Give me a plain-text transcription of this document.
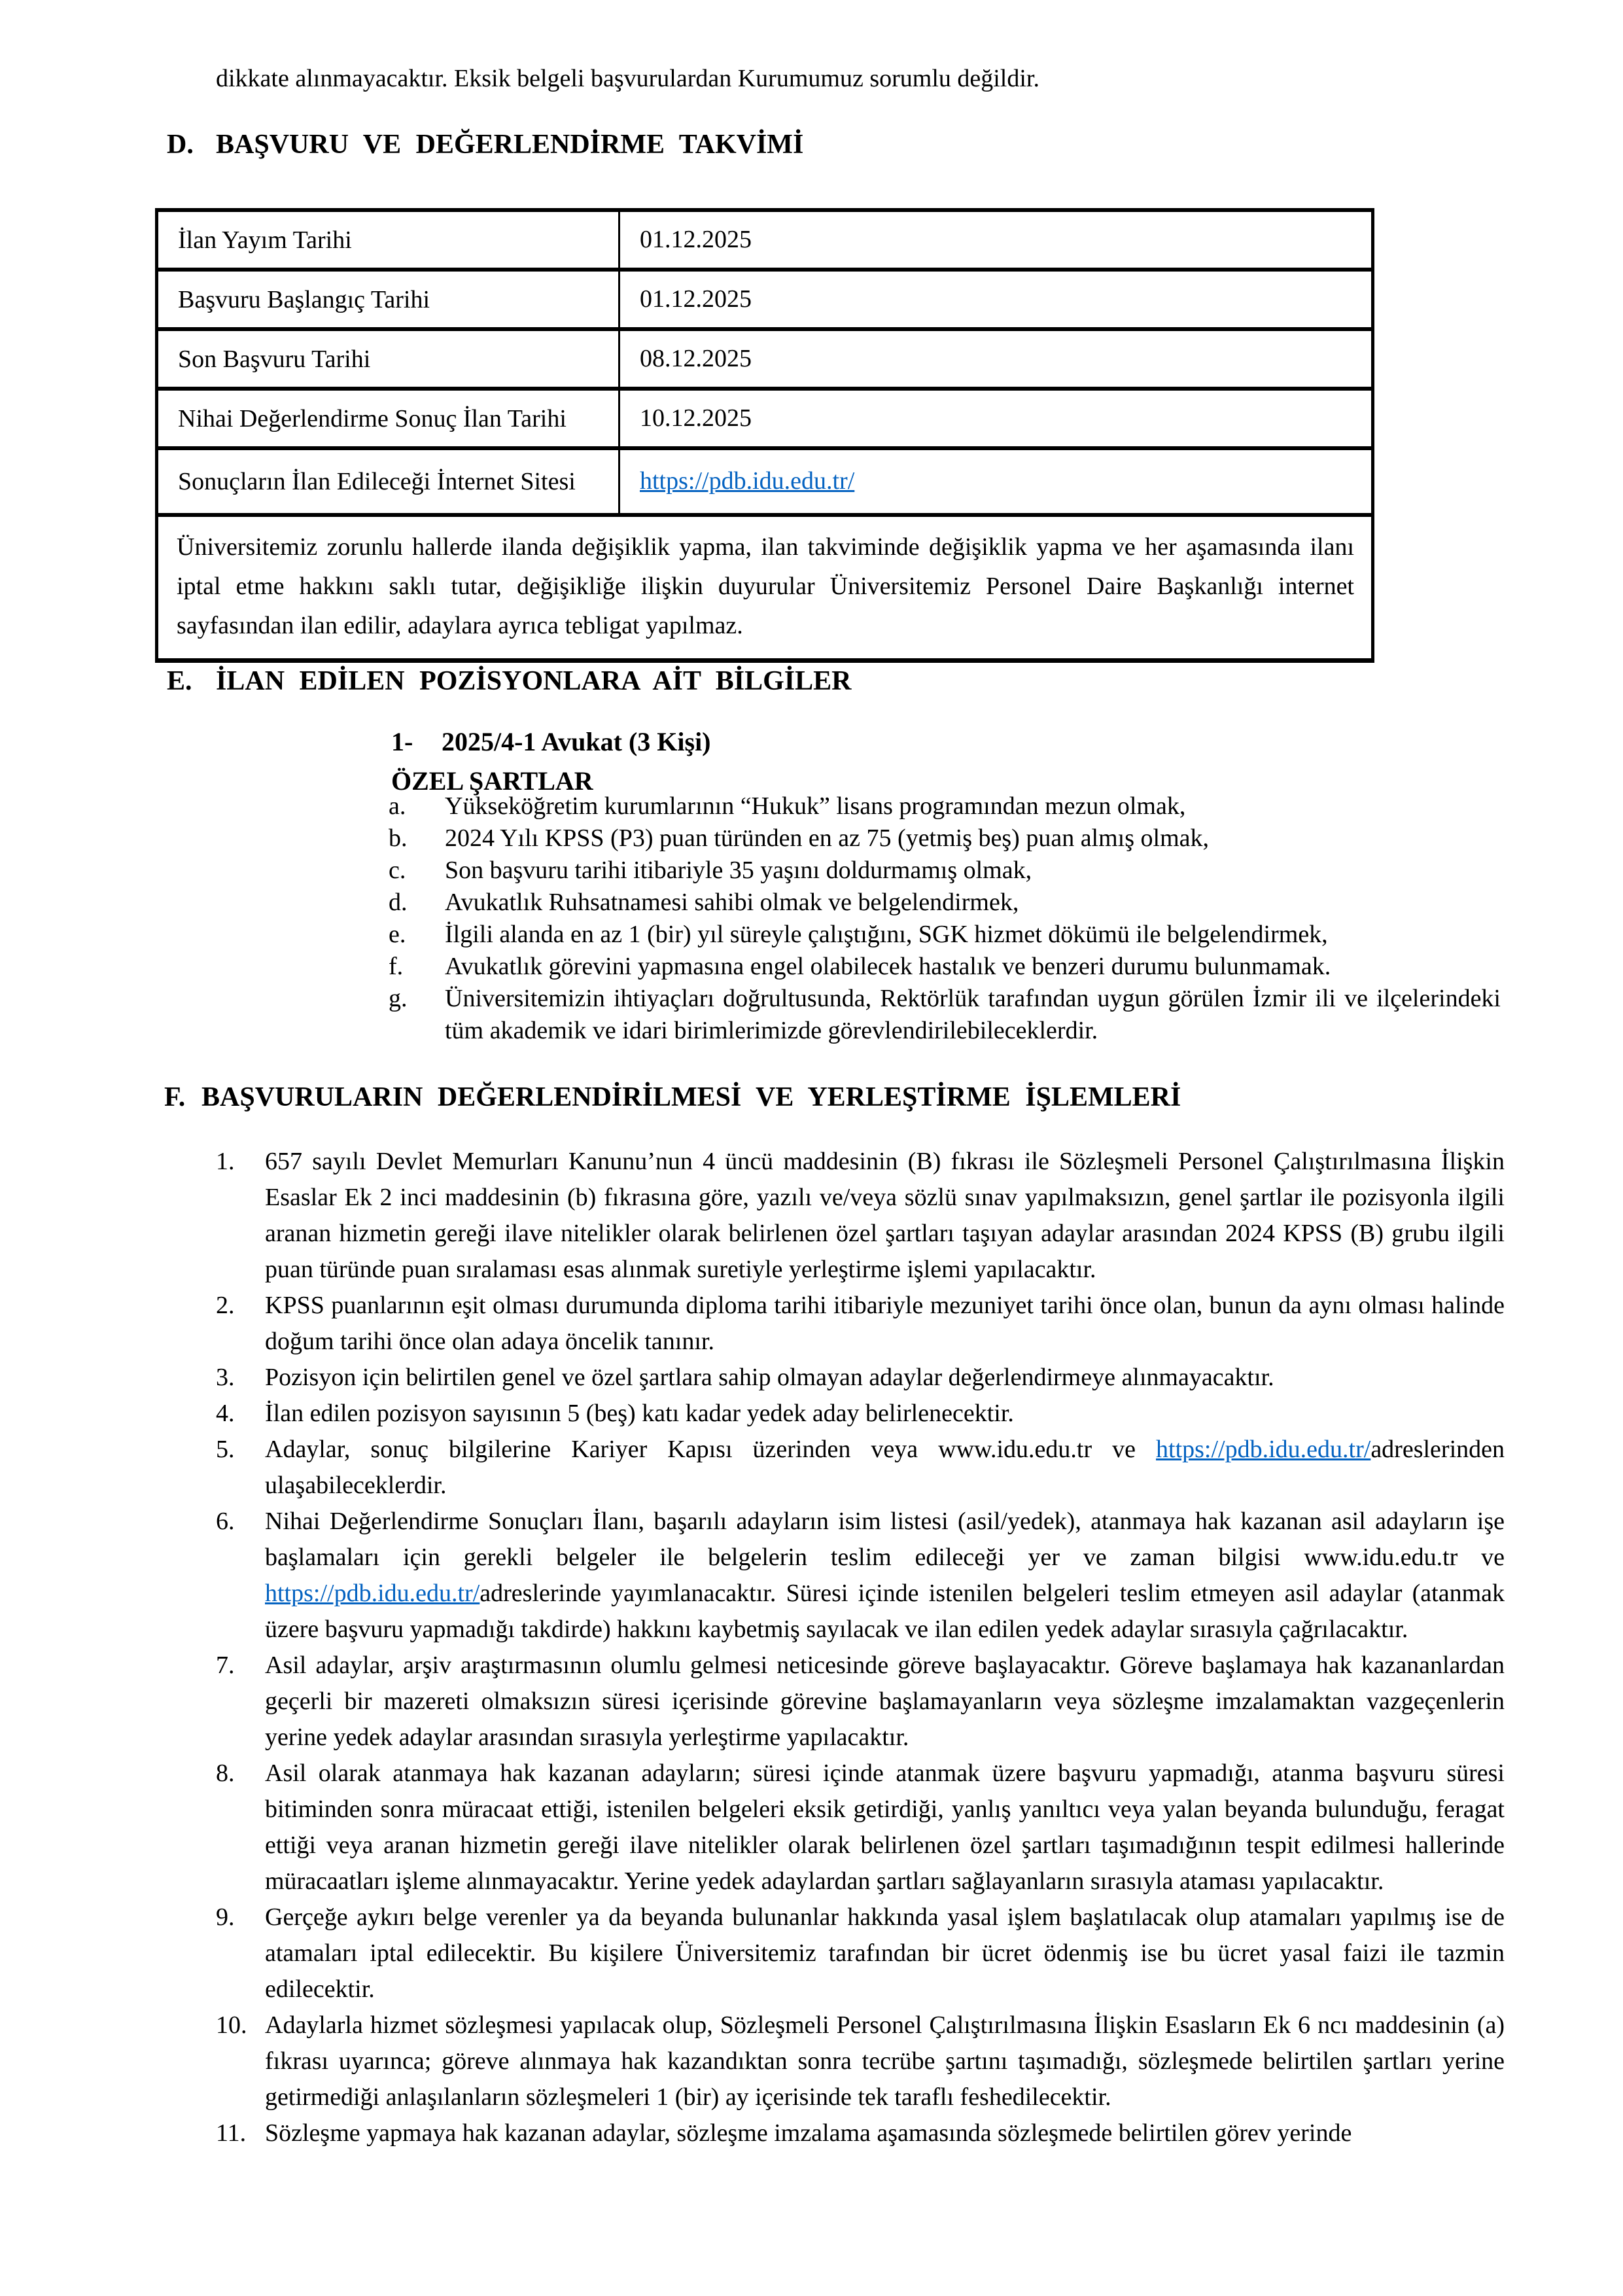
dikkate alınmayacaktır. Eksik belgeli başvurulardan Kurumumuz sorumlu değildir.
D. BAŞVURU VE DEĞERLENDİRME TAKVİMİ
İlan Yayım Tarihi	01.12.2025
Başvuru Başlangıç Tarihi	01.12.2025
Son Başvuru Tarihi	08.12.2025
Nihai Değerlendirme Sonuç İlan Tarihi	10.12.2025
Sonuçların İlan Edileceği İnternet Sitesi	https://pdb.idu.edu.tr/
Üniversitemiz zorunlu hallerde ilanda değişiklik yapma, ilan takviminde değişiklik yapma ve her aşamasında ilanı iptal etme hakkını saklı tutar, değişikliğe ilişkin duyurular Üniversitemiz Personel Daire Başkanlığı internet sayfasından ilan edilir, adaylara ayrıca tebligat yapılmaz.
E. İLAN EDİLEN POZİSYONLARA AİT BİLGİLER
1- 2025/4-1 Avukat (3 Kişi)
ÖZEL ŞARTLAR
a. Yükseköğretim kurumlarının “Hukuk” lisans programından mezun olmak,
b. 2024 Yılı KPSS (P3) puan türünden en az 75 (yetmiş beş) puan almış olmak,
c. Son başvuru tarihi itibariyle 35 yaşını doldurmamış olmak,
d. Avukatlık Ruhsatnamesi sahibi olmak ve belgelendirmek,
e. İlgili alanda en az 1 (bir) yıl süreyle çalıştığını, SGK hizmet dökümü ile belgelendirmek,
f. Avukatlık görevini yapmasına engel olabilecek hastalık ve benzeri durumu bulunmamak.
g. Üniversitemizin ihtiyaçları doğrultusunda, Rektörlük tarafından uygun görülen İzmir ili ve ilçelerindeki tüm akademik ve idari birimlerimizde görevlendirilebileceklerdir.
F. BAŞVURULARIN DEĞERLENDİRİLMESİ VE YERLEŞTİRME İŞLEMLERİ
1. 657 sayılı Devlet Memurları Kanunu’nun 4 üncü maddesinin (B) fıkrası ile Sözleşmeli Personel Çalıştırılmasına İlişkin Esaslar Ek 2 inci maddesinin (b) fıkrasına göre, yazılı ve/veya sözlü sınav yapılmaksızın, genel şartlar ile pozisyonla ilgili aranan hizmetin gereği ilave nitelikler olarak belirlenen özel şartları taşıyan adaylar arasından 2024 KPSS (B) grubu ilgili puan türünde puan sıralaması esas alınmak suretiyle yerleştirme işlemi yapılacaktır.
2. KPSS puanlarının eşit olması durumunda diploma tarihi itibariyle mezuniyet tarihi önce olan, bunun da aynı olması halinde doğum tarihi önce olan adaya öncelik tanınır.
3. Pozisyon için belirtilen genel ve özel şartlara sahip olmayan adaylar değerlendirmeye alınmayacaktır.
4. İlan edilen pozisyon sayısının 5 (beş) katı kadar yedek aday belirlenecektir.
5. Adaylar, sonuç bilgilerine Kariyer Kapısı üzerinden veya www.idu.edu.tr ve https://pdb.idu.edu.tr/adreslerinden ulaşabileceklerdir.
6. Nihai Değerlendirme Sonuçları İlanı, başarılı adayların isim listesi (asil/yedek), atanmaya hak kazanan asil adayların işe başlamaları için gerekli belgeler ile belgelerin teslim edileceği yer ve zaman bilgisi www.idu.edu.tr ve https://pdb.idu.edu.tr/adreslerinde yayımlanacaktır. Süresi içinde istenilen belgeleri teslim etmeyen asil adaylar (atanmak üzere başvuru yapmadığı takdirde) hakkını kaybetmiş sayılacak ve ilan edilen yedek adaylar sırasıyla çağrılacaktır.
7. Asil adaylar, arşiv araştırmasının olumlu gelmesi neticesinde göreve başlayacaktır. Göreve başlamaya hak kazananlardan geçerli bir mazereti olmaksızın süresi içerisinde görevine başlamayanların veya sözleşme imzalamaktan vazgeçenlerin yerine yedek adaylar arasından sırasıyla yerleştirme yapılacaktır.
8. Asil olarak atanmaya hak kazanan adayların; süresi içinde atanmak üzere başvuru yapmadığı, atanma başvuru süresi bitiminden sonra müracaat ettiği, istenilen belgeleri eksik getirdiği, yanlış yanıltıcı veya yalan beyanda bulunduğu, feragat ettiği veya aranan hizmetin gereği ilave nitelikler olarak belirlenen özel şartları taşımadığının tespit edilmesi hallerinde müracaatları işleme alınmayacaktır. Yerine yedek adaylardan şartları sağlayanların sırasıyla ataması yapılacaktır.
9. Gerçeğe aykırı belge verenler ya da beyanda bulunanlar hakkında yasal işlem başlatılacak olup atamaları yapılmış ise de atamaları iptal edilecektir. Bu kişilere Üniversitemiz tarafından bir ücret ödenmiş ise bu ücret yasal faizi ile tazmin edilecektir.
10. Adaylarla hizmet sözleşmesi yapılacak olup, Sözleşmeli Personel Çalıştırılmasına İlişkin Esasların Ek 6 ncı maddesinin (a) fıkrası uyarınca; göreve alınmaya hak kazandıktan sonra tecrübe şartını taşımadığı, sözleşmede belirtilen şartları yerine getirmediği anlaşılanların sözleşmeleri 1 (bir) ay içerisinde tek taraflı feshedilecektir.
11. Sözleşme yapmaya hak kazanan adaylar, sözleşme imzalama aşamasında sözleşmede belirtilen görev yerinde
